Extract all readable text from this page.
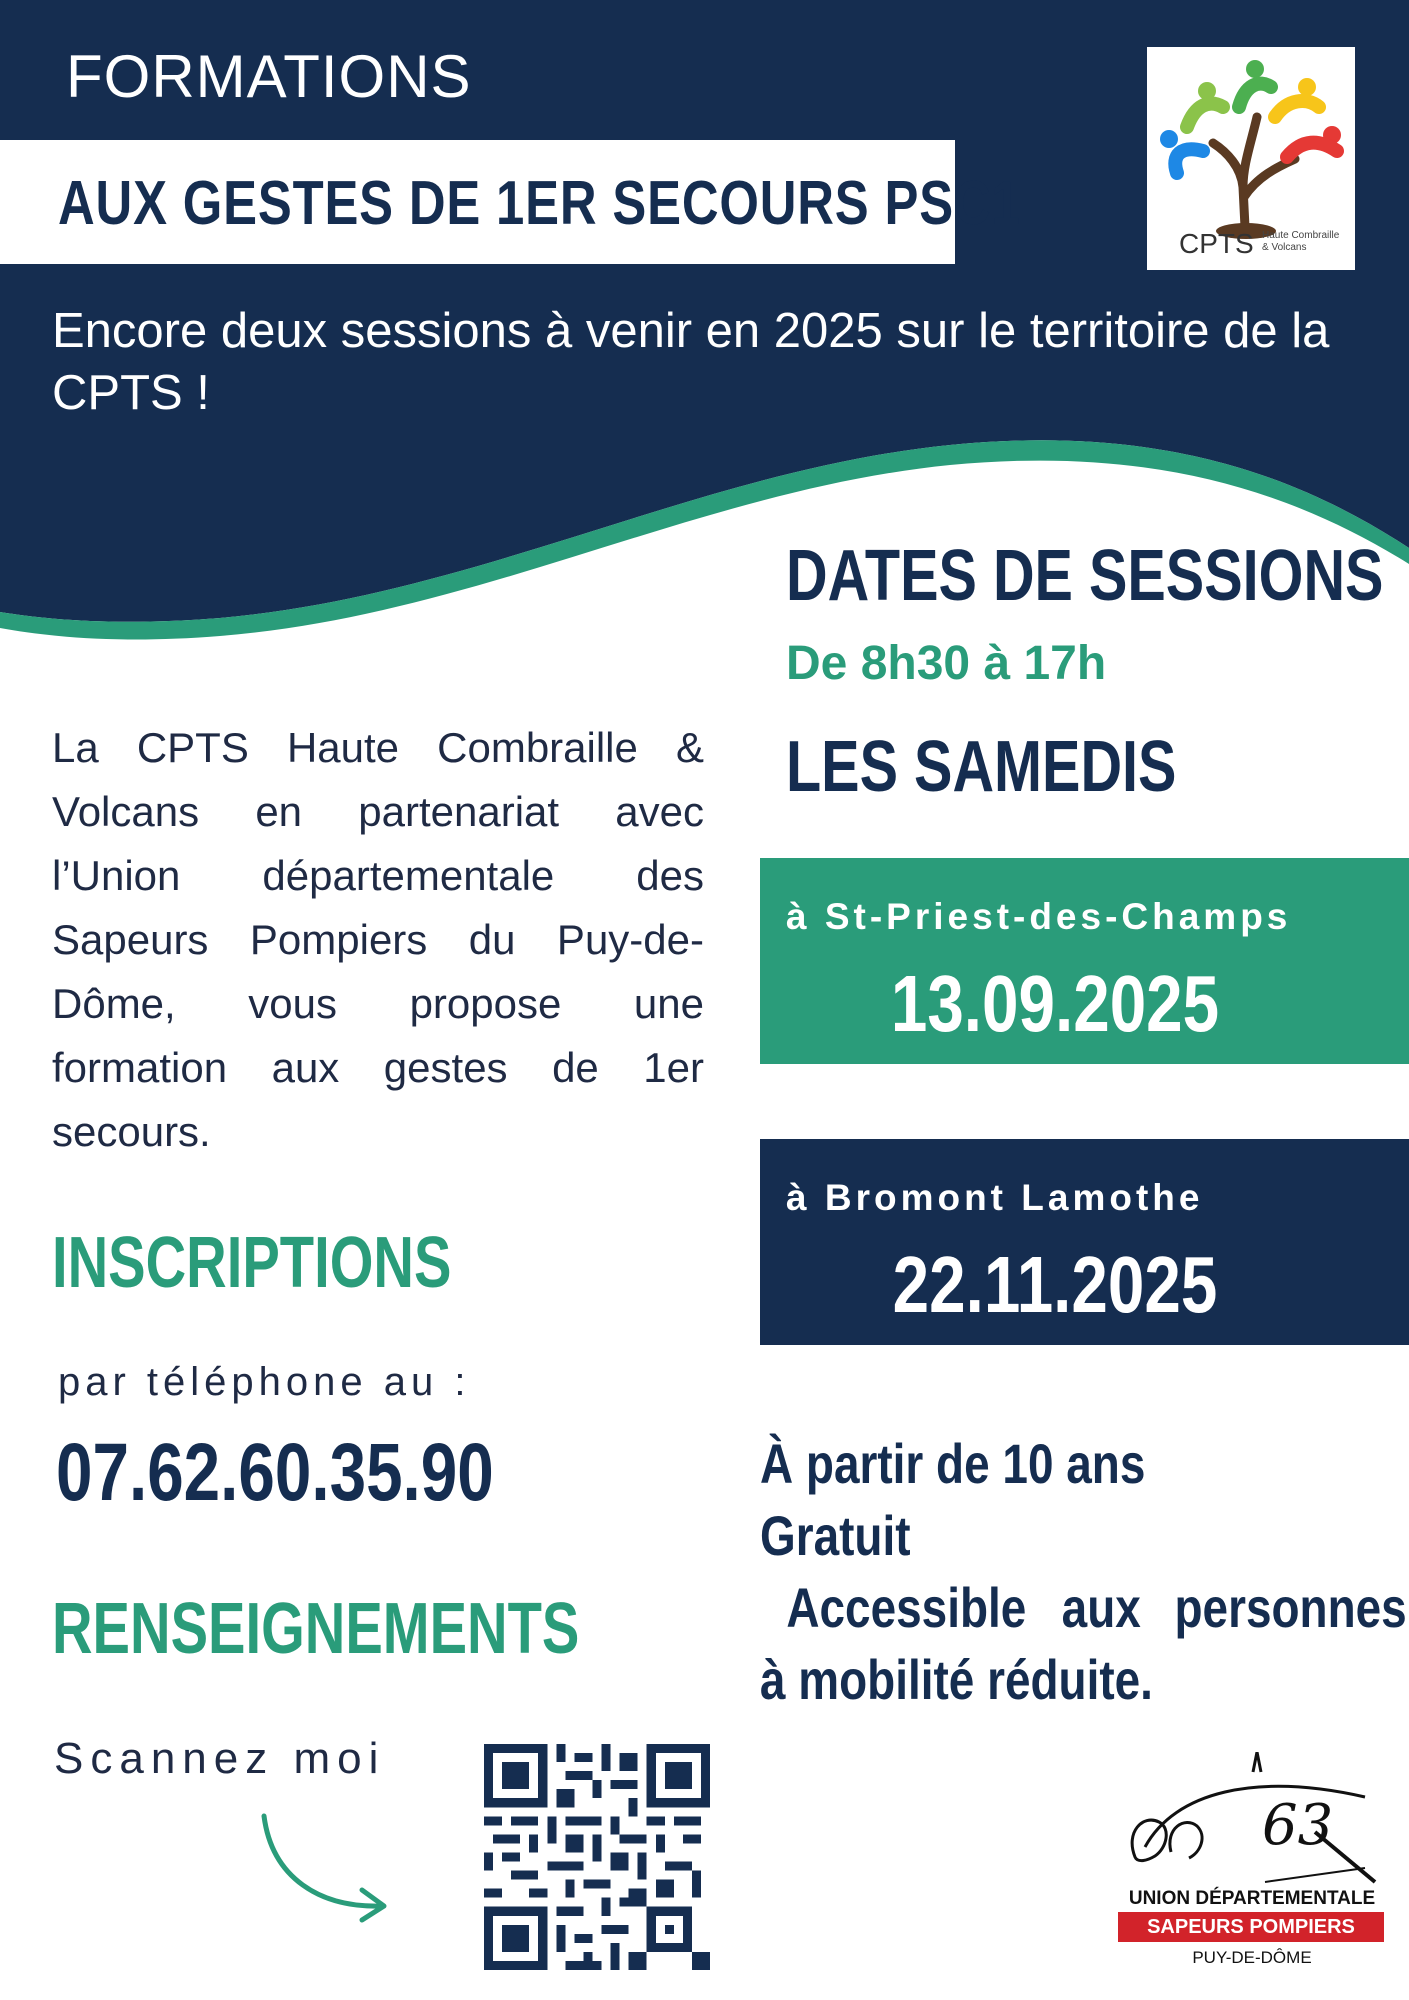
FORMATIONS
AUX GESTES DE 1ER SECOURS PSC1
CPTS Haute Combraille & Volcans
Encore deux sessions à venir en 2025 sur le territoire de la CPTS !
DATES DE SESSIONS
De 8h30 à 17h
LES SAMEDIS
à St-Priest-des-Champs
13.09.2025
à Bromont Lamothe
22.11.2025
La CPTS Haute Combraille & Volcans en partenariat avec l’Union départementale des Sapeurs Pompiers du Puy-de-Dôme, vous propose une formation aux gestes de 1er secours.
INSCRIPTIONS
par téléphone au :
07.62.60.35.90
RENSEIGNEMENTS
Scannez moi
À partir de 10 ans
Gratuit
Accessible aux personnes
à mobilité réduite.
63
UNION DÉPARTEMENTALE
SAPEURS POMPIERS
PUY-DE-DÔME
